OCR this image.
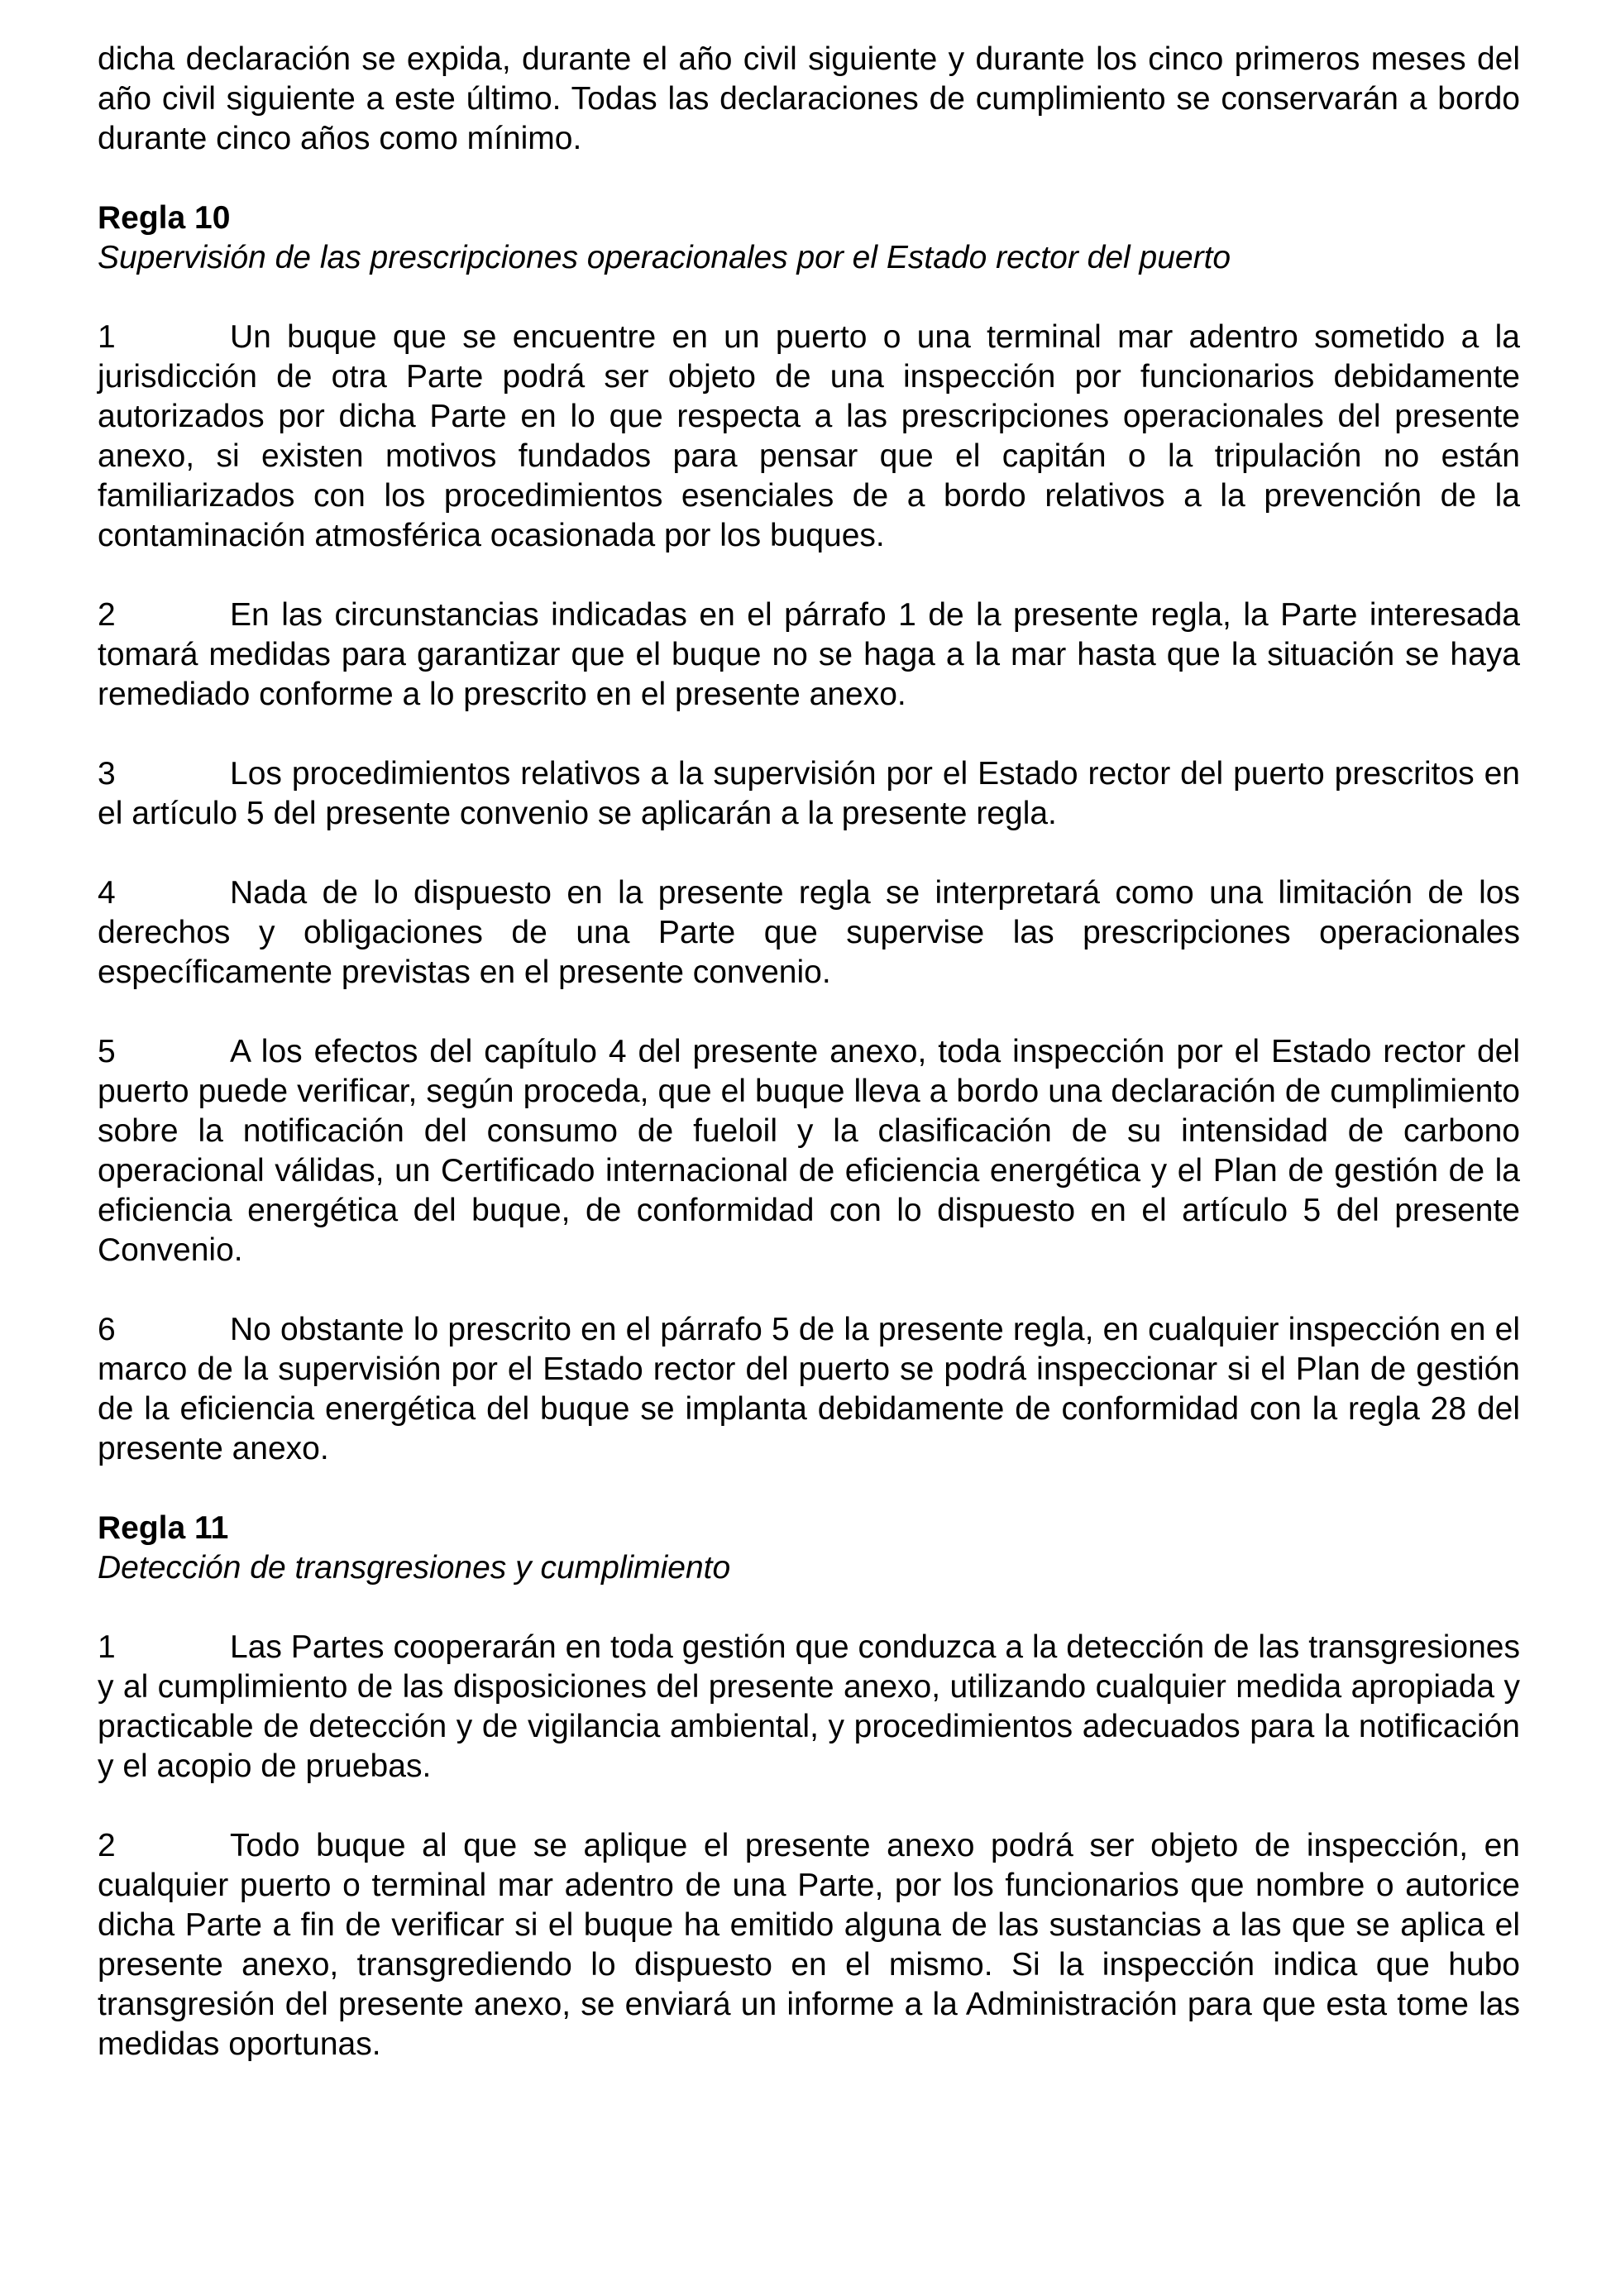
dicha declaración se expida, durante el año civil siguiente y durante los cinco primeros meses del año civil siguiente a este último. Todas las declaraciones de cumplimiento se conservarán a bordo durante cinco años como mínimo.

Regla 10

Supervisión de las prescripciones operacionales por el Estado rector del puerto

1	Un buque que se encuentre en un puerto o una terminal mar adentro sometido a la jurisdicción de otra Parte podrá ser objeto de una inspección por funcionarios debidamente autorizados por dicha Parte en lo que respecta a las prescripciones operacionales del presente anexo, si existen motivos fundados para pensar que el capitán o la tripulación no están familiarizados con los procedimientos esenciales de a bordo relativos a la prevención de la contaminación atmosférica ocasionada por los buques.

2	En las circunstancias indicadas en el párrafo 1 de la presente regla, la Parte interesada tomará medidas para garantizar que el buque no se haga a la mar hasta que la situación se haya remediado conforme a lo prescrito en el presente anexo.

3	Los procedimientos relativos a la supervisión por el Estado rector del puerto prescritos en el artículo 5 del presente convenio se aplicarán a la presente regla.

4	Nada de lo dispuesto en la presente regla se interpretará como una limitación de los derechos y obligaciones de una Parte que supervise las prescripciones operacionales específicamente previstas en el presente convenio.

5	A los efectos del capítulo 4 del presente anexo, toda inspección por el Estado rector del puerto puede verificar, según proceda, que el buque lleva a bordo una declaración de cumplimiento sobre la notificación del consumo de fueloil y la clasificación de su intensidad de carbono operacional válidas, un Certificado internacional de eficiencia energética y el Plan de gestión de la eficiencia energética del buque, de conformidad con lo dispuesto en el artículo 5 del presente Convenio.

6	No obstante lo prescrito en el párrafo 5 de la presente regla, en cualquier inspección en el marco de la supervisión por el Estado rector del puerto se podrá inspeccionar si el Plan de gestión de la eficiencia energética del buque se implanta debidamente de conformidad con la regla 28 del presente anexo.

Regla 11

Detección de transgresiones y cumplimiento

1	Las Partes cooperarán en toda gestión que conduzca a la detección de las transgresiones y al cumplimiento de las disposiciones del presente anexo, utilizando cualquier medida apropiada y practicable de detección y de vigilancia ambiental, y procedimientos adecuados para la notificación y el acopio de pruebas.

2	Todo buque al que se aplique el presente anexo podrá ser objeto de inspección, en cualquier puerto o terminal mar adentro de una Parte, por los funcionarios que nombre o autorice dicha Parte a fin de verificar si el buque ha emitido alguna de las sustancias a las que se aplica el presente anexo, transgrediendo lo dispuesto en el mismo. Si la inspección indica que hubo transgresión del presente anexo, se enviará un informe a la Administración para que esta tome las medidas oportunas.
